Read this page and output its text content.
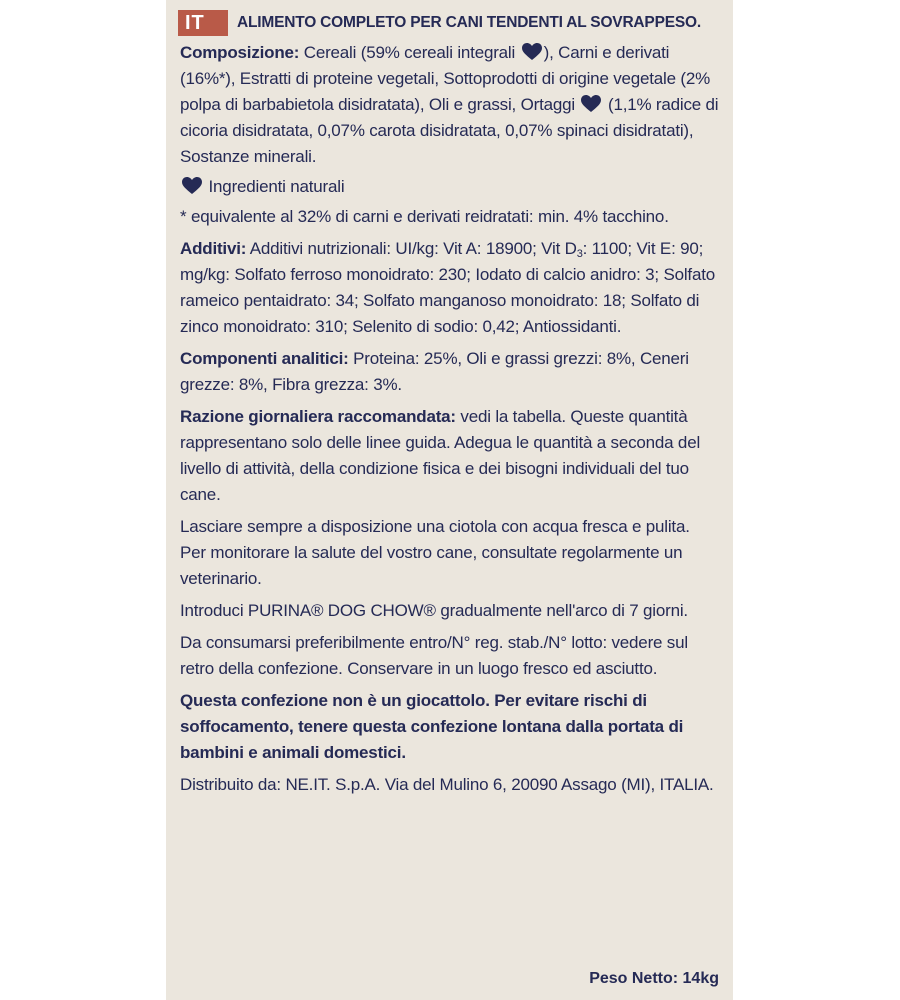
IT	ALIMENTO COMPLETO PER CANI TENDENTI AL SOVRAPPESO.

Composizione: Cereali (59% cereali integrali
), Carni e derivati (16%*), Estratti di proteine vegetali, Sottoprodotti di origine vegetale (2% polpa di barbabietola disidratata), Oli e grassi, Ortaggi
(1,1% radice di cicoria disidratata, 0,07% carota disidratata, 0,07% spinaci disidratati), Sostanze minerali.

Ingredienti naturali

* equivalente al 32% di carni e derivati reidratati: min. 4% tacchino.

Additivi: Additivi nutrizionali: UI/kg: Vit A: 18900; Vit $D_3$: 1100; Vit E: 90; mg/kg: Solfato ferroso monoidrato: 230; Iodato di calcio anidro: 3; Solfato rameico pentaidrato: 34; Solfato manganoso monoidrato: 18; Solfato di zinco monoidrato: 310; Selenito di sodio: 0,42; Antiossidanti.

Componenti analitici: Proteina: 25%, Oli e grassi grezzi: 8%, Ceneri grezze: 8%, Fibra grezza: 3%.

Razione giornaliera raccomandata: vedi la tabella. Queste quantità rappresentano solo delle linee guida. Adegua le quantità a seconda del livello di attività, della condizione fisica e dei bisogni individuali del tuo cane.

Lasciare sempre a disposizione una ciotola con acqua fresca e pulita. Per monitorare la salute del vostro cane, consultate regolarmente un veterinario.

Introduci PURINA® DOG CHOW® gradualmente nell'arco di 7 giorni.

Da consumarsi preferibilmente entro/N° reg. stab./N° lotto: vedere sul retro della confezione. Conservare in un luogo fresco ed asciutto.

Questa confezione non è un giocattolo. Per evitare rischi di soffocamento, tenere questa confezione lontana dalla portata di bambini e animali domestici.

Distribuito da: NE.IT. S.p.A. Via del Mulino 6, 20090 Assago (MI), ITALIA.

Peso Netto: 14kg
